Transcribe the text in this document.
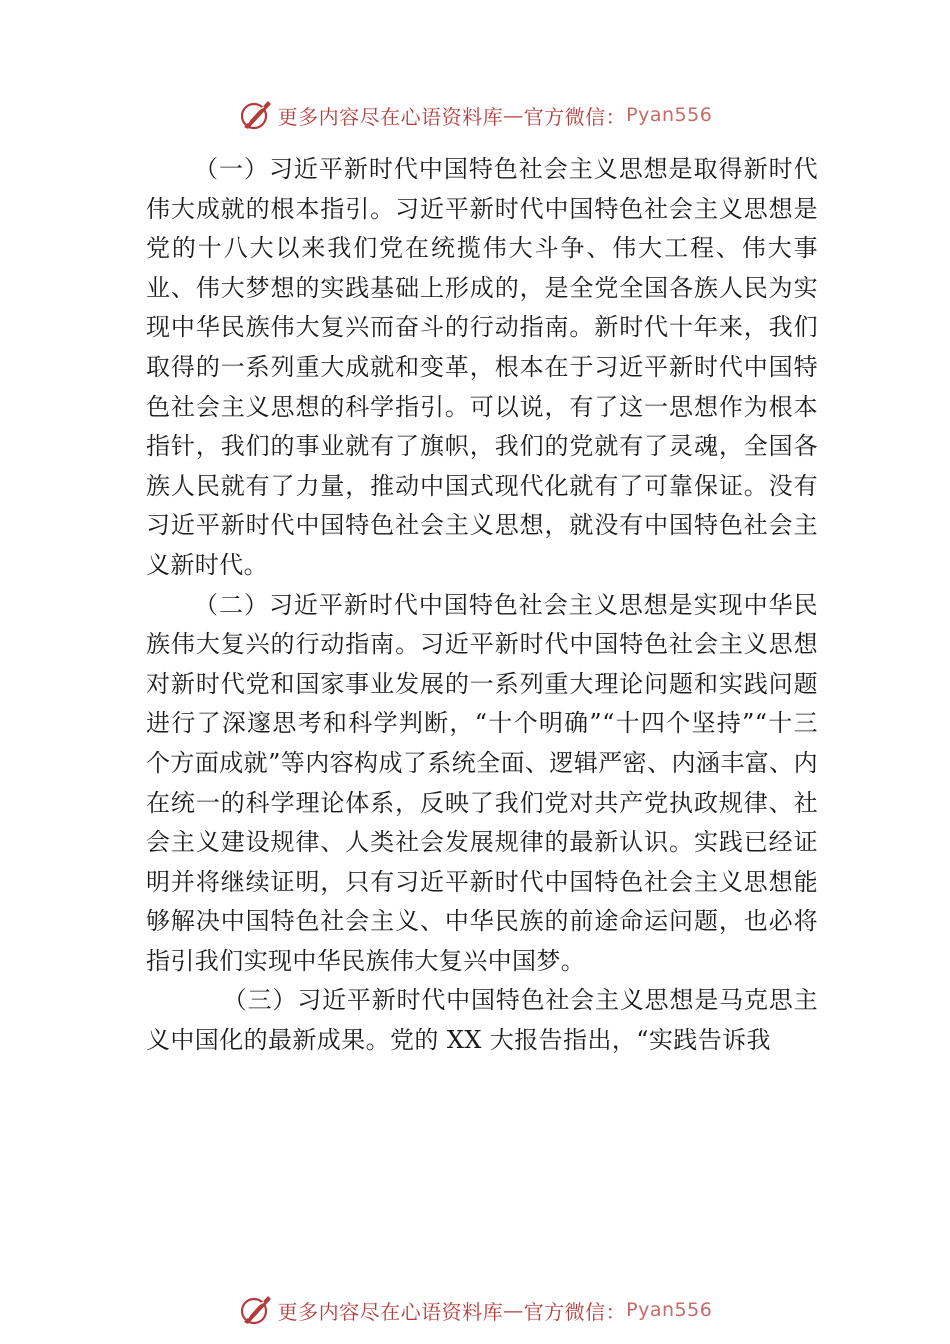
更多内容尽在心语资料库 — 官方微信： Pyan556

（一）习近平新时代中国特色社会主义思想是取得新时代伟大成就的根本指引。习近平新时代中国特色社会主义思想是党的十八大以来我们党在统揽伟大斗争、伟大工程、伟大事业、伟大梦想的实践基础上形成的，是全党全国各族人民为实现中华民族伟大复兴而奋斗的行动指南。新时代十年来，我们取得的一系列重大成就和变革，根本在于习近平新时代中国特色社会主义思想的科学指引。可以说，有了这一思想作为根本指针，我们的事业就有了旗帜，我们的党就有了灵魂，全国各族人民就有了力量，推动中国式现代化就有了可靠保证。没有习近平新时代中国特色社会主义思想，就没有中国特色社会主义新时代。

（二）习近平新时代中国特色社会主义思想是实现中华民族伟大复兴的行动指南。习近平新时代中国特色社会主义思想对新时代党和国家事业发展的一系列重大理论问题和实践问题进行了深邃思考和科学判断，“十个明确”“十四个坚持”“十三个方面成就”等内容构成了系统全面、逻辑严密、内涵丰富、内在统一的科学理论体系，反映了我们党对共产党执政规律、社会主义建设规律、人类社会发展规律的最新认识。实践已经证明并将继续证明，只有习近平新时代中国特色社会主义思想能够解决中国特色社会主义、中华民族的前途命运问题，也必将指引我们实现中华民族伟大复兴中国梦。

（三）习近平新时代中国特色社会主义思想是马克思主义中国化的最新成果。党的 XX 大报告指出，“实践告诉我

更多内容尽在心语资料库 — 官方微信： Pyan556
